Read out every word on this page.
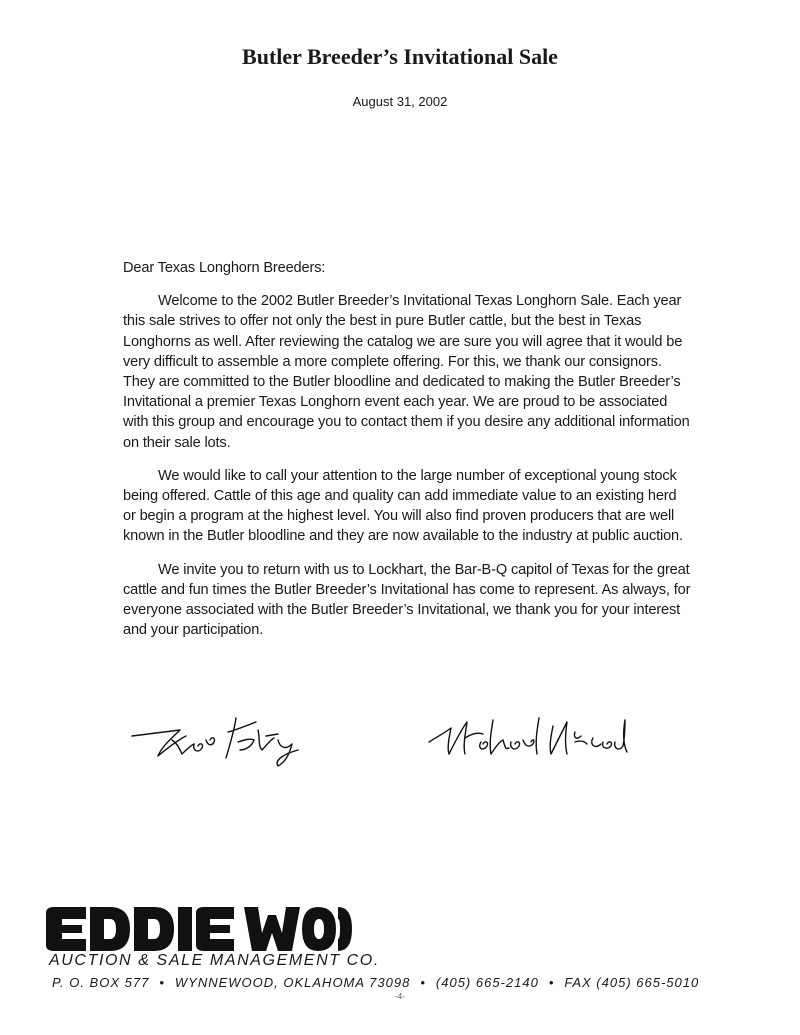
Butler Breeder’s Invitational Sale
August 31, 2002

Dear Texas Longhorn Breeders:

Welcome to the 2002 Butler Breeder’s Invitational Texas Longhorn Sale. Each year this sale strives to offer not only the best in pure Butler cattle, but the best in Texas Longhorns as well. After reviewing the catalog we are sure you will agree that it would be very difficult to assemble a more complete offering. For this, we thank our consignors. They are committed to the Butler bloodline and dedicated to making the Butler Breeder’s Invitational a premier Texas Longhorn event each year. We are proud to be associated with this group and encourage you to contact them if you desire any additional information on their sale lots.

We would like to call your attention to the large number of exceptional young stock being offered. Cattle of this age and quality can add immediate value to an existing herd or begin a program at the highest level. You will also find proven producers that are well known in the Butler bloodline and they are now available to the industry at public auction.

We invite you to return with us to Lockhart, the Bar-B-Q capitol of Texas for the great cattle and fun times the Butler Breeder’s Invitational has come to represent. As always, for everyone associated with the Butler Breeder’s Invitational, we thank you for your interest and your participation.

AUCTION & SALE MANAGEMENT CO.
P. O. BOX 577 • WYNNEWOOD, OKLAHOMA 73098 • (405) 665-2140 • FAX (405) 665-5010
-4-
